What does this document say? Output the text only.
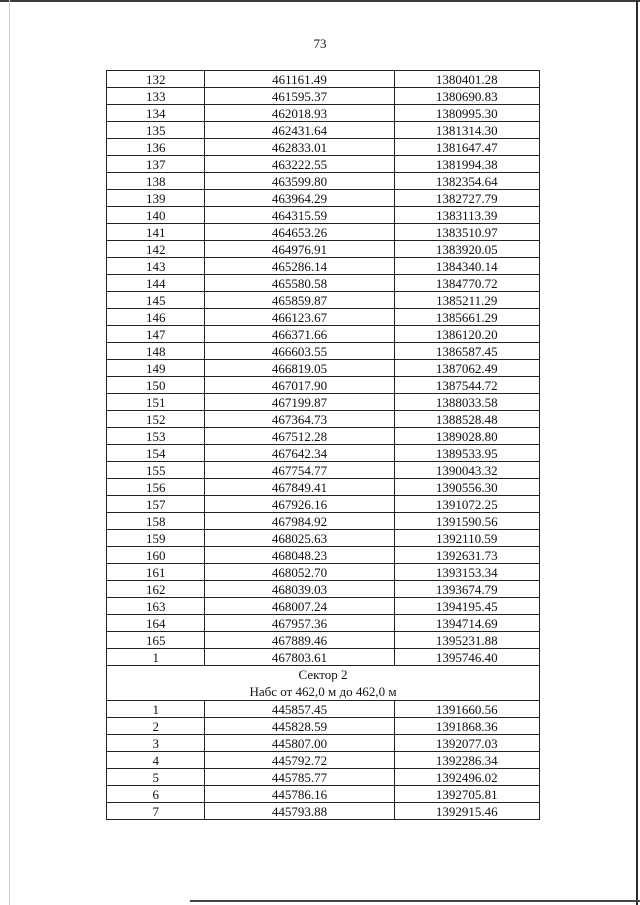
73
132	461161.49	1380401.28
133	461595.37	1380690.83
134	462018.93	1380995.30
135	462431.64	1381314.30
136	462833.01	1381647.47
137	463222.55	1381994.38
138	463599.80	1382354.64
139	463964.29	1382727.79
140	464315.59	1383113.39
141	464653.26	1383510.97
142	464976.91	1383920.05
143	465286.14	1384340.14
144	465580.58	1384770.72
145	465859.87	1385211.29
146	466123.67	1385661.29
147	466371.66	1386120.20
148	466603.55	1386587.45
149	466819.05	1387062.49
150	467017.90	1387544.72
151	467199.87	1388033.58
152	467364.73	1388528.48
153	467512.28	1389028.80
154	467642.34	1389533.95
155	467754.77	1390043.32
156	467849.41	1390556.30
157	467926.16	1391072.25
158	467984.92	1391590.56
159	468025.63	1392110.59
160	468048.23	1392631.73
161	468052.70	1393153.34
162	468039.03	1393674.79
163	468007.24	1394195.45
164	467957.36	1394714.69
165	467889.46	1395231.88
1	467803.61	1395746.40
Сектор 2		
Набс от 462,0 м до 462,0 м		
1	445857.45	1391660.56
2	445828.59	1391868.36
3	445807.00	1392077.03
4	445792.72	1392286.34
5	445785.77	1392496.02
6	445786.16	1392705.81
7	445793.88	1392915.46
